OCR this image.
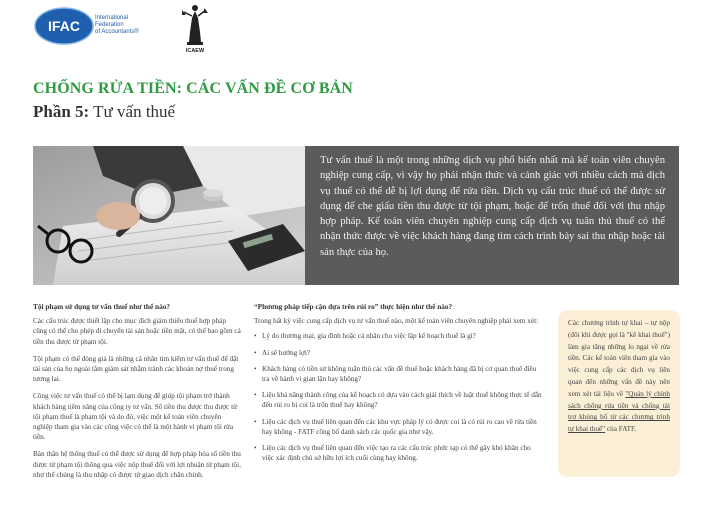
IFAC	International
Federation
of Accountants®
ICAEW
CHỐNG RỬA TIỀN: CÁC VẤN ĐỀ CƠ BẢN
Phần 5: Tư vấn thuế
Tư vấn thuế là một trong những dịch vụ phổ biến nhất mà kế toán viên chuyên nghiệp cung cấp, vì vậy họ phải nhận thức và cảnh giác với nhiều cách mà dịch vụ thuế có thể dễ bị lợi dụng để rửa tiền. Dịch vụ cấu trúc thuế có thể được sử dụng để che giấu tiền thu được từ tội phạm, hoặc để trốn thuế đối với thu nhập hợp pháp. Kế toán viên chuyên nghiệp cung cấp dịch vụ tuân thủ thuế có thể nhận thức được về việc khách hàng đang tìm cách trình bày sai thu nhập hoặc tài sản thực của họ.
Tội phạm sử dụng tư vấn thuế như thế nào?

Các cấu trúc được thiết lập cho mục đích giảm thiểu thuế hợp pháp cũng có thể cho phép di chuyển tài sản hoặc tiền mặt, có thể bao gồm cả tiền thu được từ phạm tội.

Tội phạm có thể đóng giả là những cá nhân tìm kiếm tư vấn thuế để đặt tài sản của họ ngoài tầm giám sát nhằm tránh các khoản nợ thuế trong tương lai.

Công việc tư vấn thuế có thể bị lạm dụng để giúp tội phạm trở thành khách hàng tiềm năng của công ty tư vấn. Số tiền thu được thu được từ tội phạm thuế là phạm tội và do đó, việc một kế toán viên chuyên nghiệp tham gia vào các công việc có thể là một hành vi phạm tội rửa tiền.

Bản thân hệ thống thuế có thể được sử dụng để hợp pháp hóa số tiền thu được từ phạm tội thông qua việc nộp thuế đối với lợi nhuận từ phạm tội, như thể chúng là thu nhập có được từ giao dịch chân chính.

“Phương pháp tiếp cận dựa trên rủi ro” thực hiện như thế nào?

Trong bất kỳ việc cung cấp dịch vụ tư vấn thuế nào, một kế toán viên chuyên nghiệp phải xem xét:

• Lý do thương mại, gia đình hoặc cá nhân cho việc lập kế hoạch thuế là gì?
• Ai sẽ hưởng lợi?
• Khách hàng có tiền sử không tuân thủ các vấn đề thuế hoặc khách hàng đã bị cơ quan thuế điều tra về hành vi gian lận hay không?
• Liệu khả năng thành công của kế hoạch có dựa vào cách giải thích về luật thuế không thực tế dẫn đến rủi ro bị coi là trốn thuế hay không?
• Liệu các dịch vụ thuế liên quan đến các khu vực pháp lý có được coi là có rủi ro cao về rửa tiền hay không - FATF công bố danh sách các quốc gia như vậy.
• Liệu các dịch vụ thuế liên quan đến việc tạo ra các cấu trúc phức tạp có thể gây khó khăn cho việc xác định chủ sở hữu lợi ích cuối cùng hay không.
Các chương trình tự khai – tự nộp (đôi khi được gọi là "kê khai thuế") làm gia tăng những lo ngại về rửa tiền. Các kế toán viên tham gia vào việc cung cấp các dịch vụ liên quan đến những vấn đề này nên xem xét tài liệu về "Quản lý chính sách chống rửa tiền và chống tài trợ khủng bố từ các chương trình tự khai thuế" của FATF.
